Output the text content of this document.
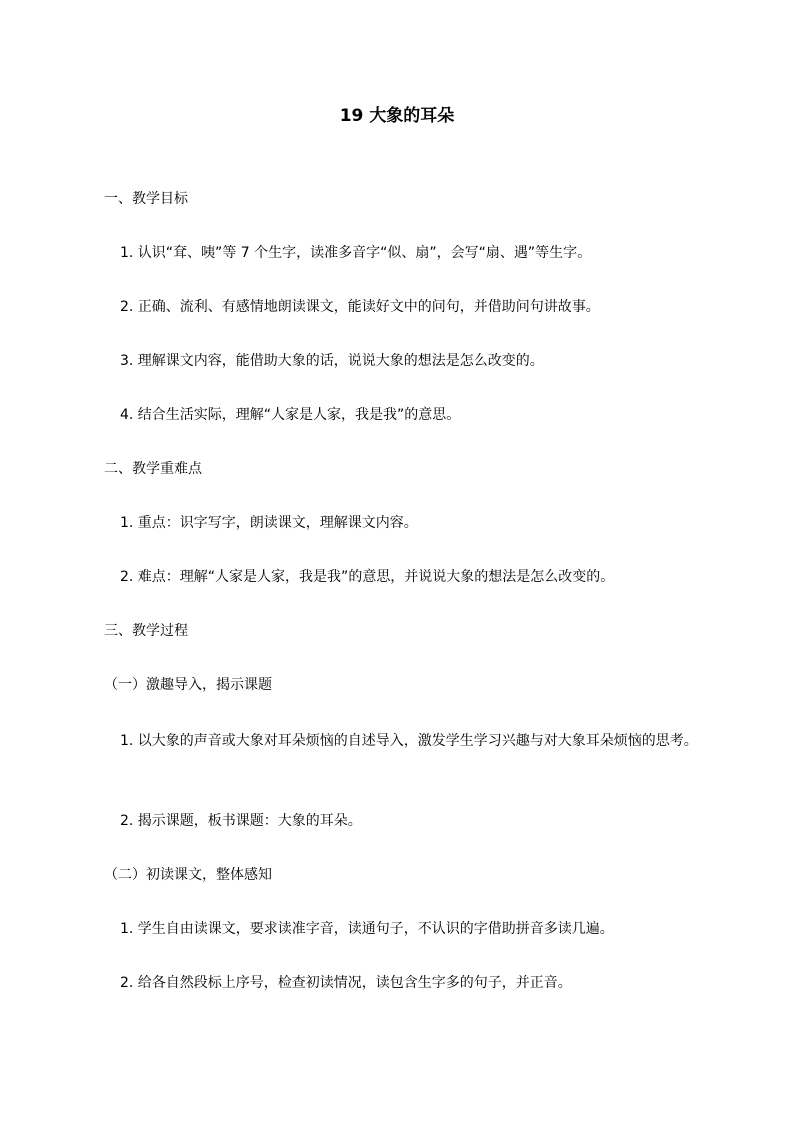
19 大象的耳朵
一、教学目标
1. 认识“耷、咦”等 7 个生字，读准多音字“似、扇”，会写“扇、遇”等生字。
2. 正确、流利、有感情地朗读课文，能读好文中的问句，并借助问句讲故事。
3. 理解课文内容，能借助大象的话，说说大象的想法是怎么改变的。
4. 结合生活实际，理解“人家是人家，我是我”的意思。
二、教学重难点
1. 重点：识字写字，朗读课文，理解课文内容。
2. 难点：理解“人家是人家，我是我”的意思，并说说大象的想法是怎么改变的。
三、教学过程
（一）激趣导入，揭示课题
1. 以大象的声音或大象对耳朵烦恼的自述导入，激发学生学习兴趣与对大象耳朵烦恼的思考。
2. 揭示课题，板书课题：大象的耳朵。
（二）初读课文，整体感知
1. 学生自由读课文，要求读准字音，读通句子，不认识的字借助拼音多读几遍。
2. 给各自然段标上序号，检查初读情况，读包含生字多的句子，并正音。
